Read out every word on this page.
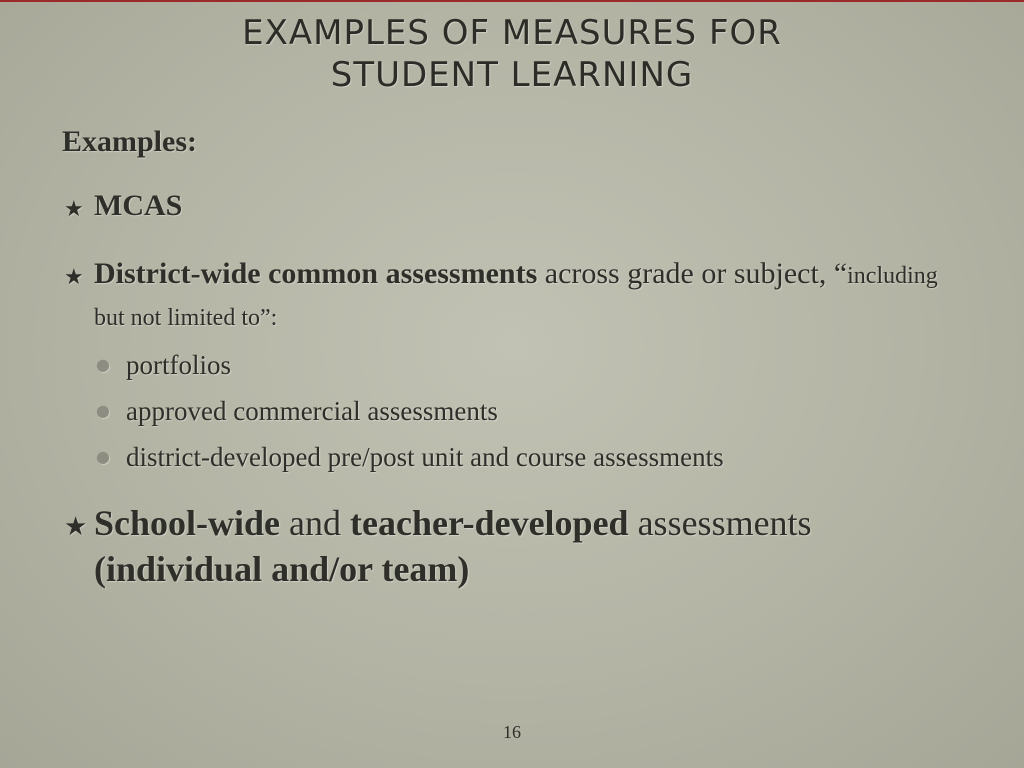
EXAMPLES OF MEASURES FOR
STUDENT LEARNING
Examples:
★ MCAS
★ District-wide common assessments across grade or subject, “including but not limited to”:
● portfolios
● approved commercial assessments
● district-developed pre/post unit and course assessments
★ School-wide and teacher-developed assessments (individual and/or team)
16
